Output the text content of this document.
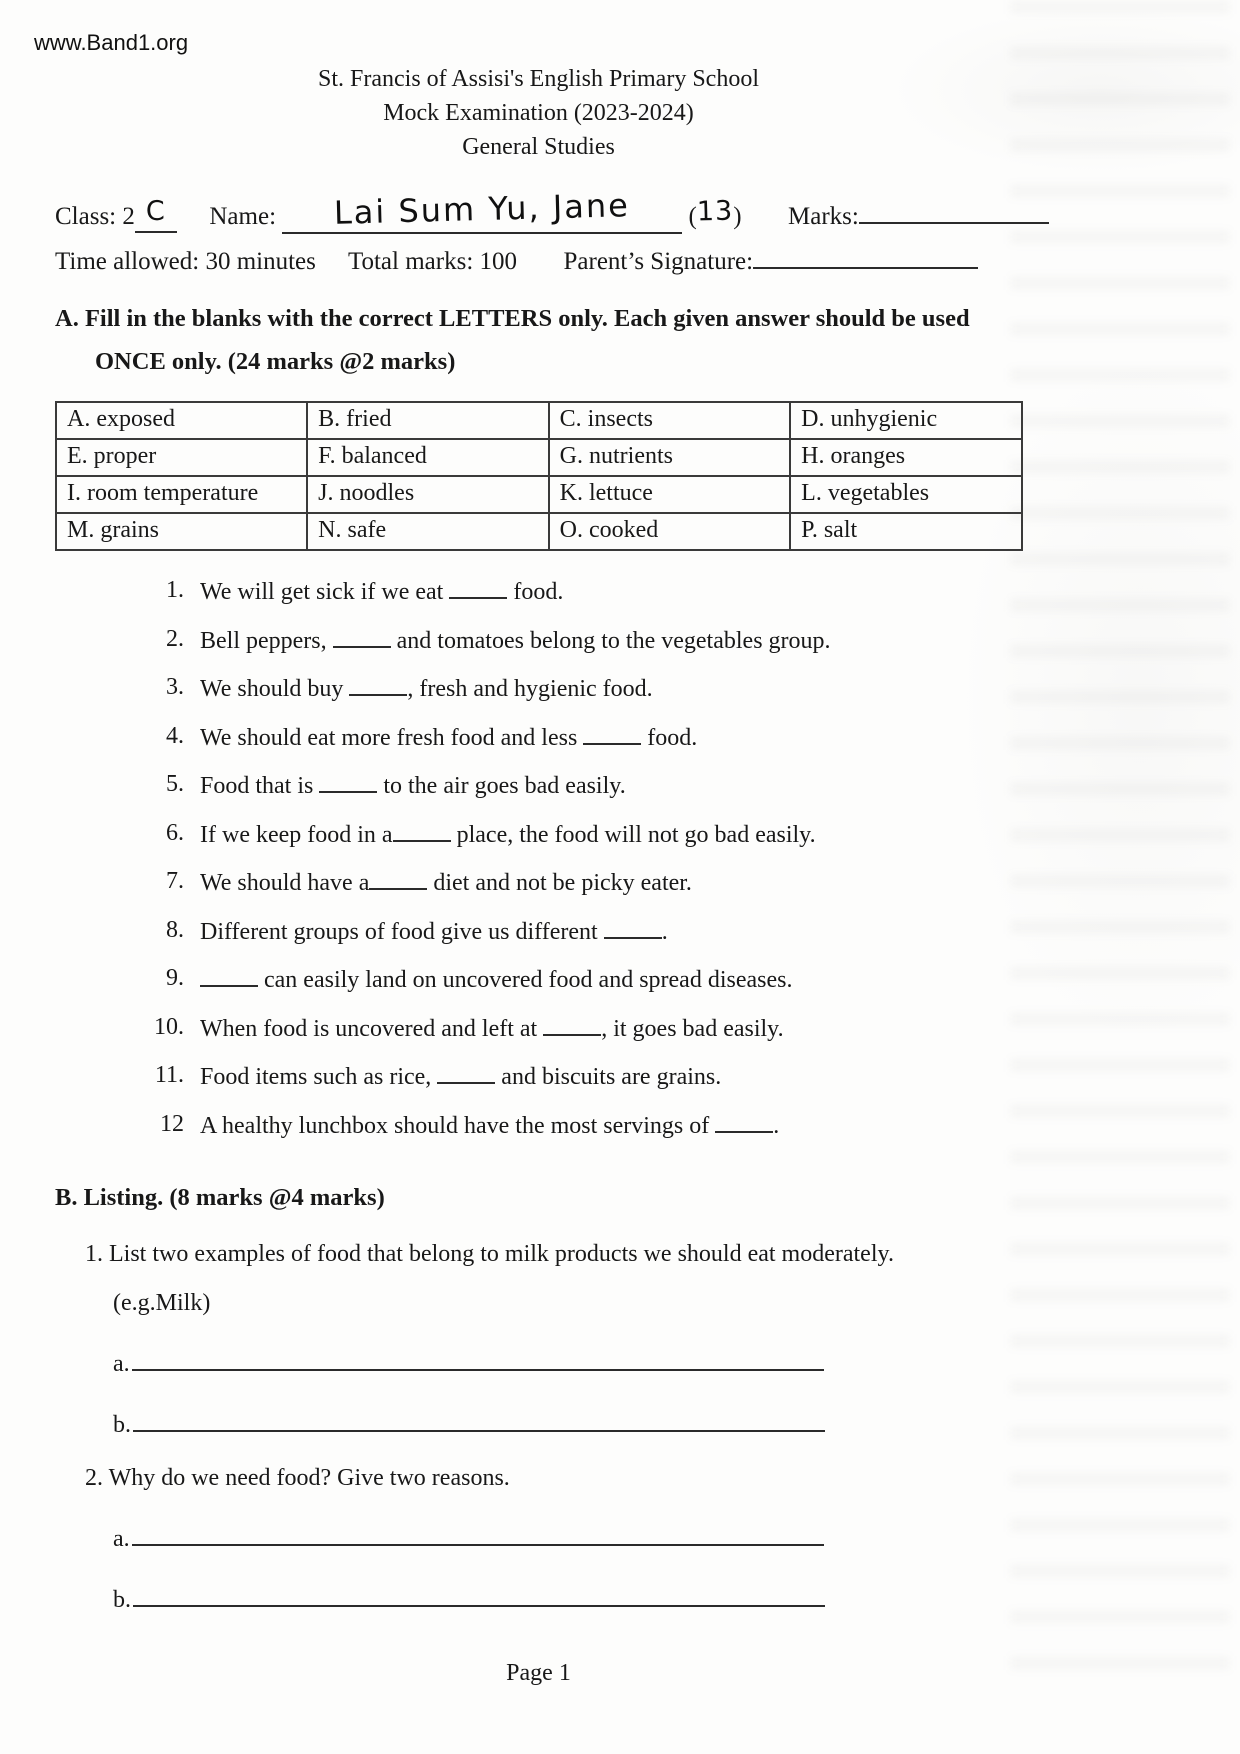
www.Band1.org
St. Francis of Assisi's English Primary School
Mock Examination (2023-2024)
General Studies
Class: 2 C Name: Lai Sum Yu, Jane (13) Marks:
Time allowed: 30 minutes Total marks: 100 Parent’s Signature:
A. Fill in the blanks with the correct LETTERS only. Each given answer should be used
ONCE only. (24 marks @2 marks)
A. exposed	B. fried	C. insects	D. unhygienic
E. proper	F. balanced	G. nutrients	H. oranges
I. room temperature	J. noodles	K. lettuce	L. vegetables
M. grains	N. safe	O. cooked	P. salt
1. We will get sick if we eat  food.
2. Bell peppers,  and tomatoes belong to the vegetables group.
3. We should buy , fresh and hygienic food.
4. We should eat more fresh food and less  food.
5. Food that is  to the air goes bad easily.
6. If we keep food in a place, the food will not go bad easily.
7. We should have a diet and not be picky eater.
8. Different groups of food give us different .
9.	can easily land on uncovered food and spread diseases.
10. When food is uncovered and left at , it goes bad easily.
11. Food items such as rice,  and biscuits are grains.
12 A healthy lunchbox should have the most servings of .
B. Listing. (8 marks @4 marks)
1. List two examples of food that belong to milk products we should eat moderately.
(e.g.Milk)
a.
b.
2. Why do we need food? Give two reasons.
a.
b.
Page 1
